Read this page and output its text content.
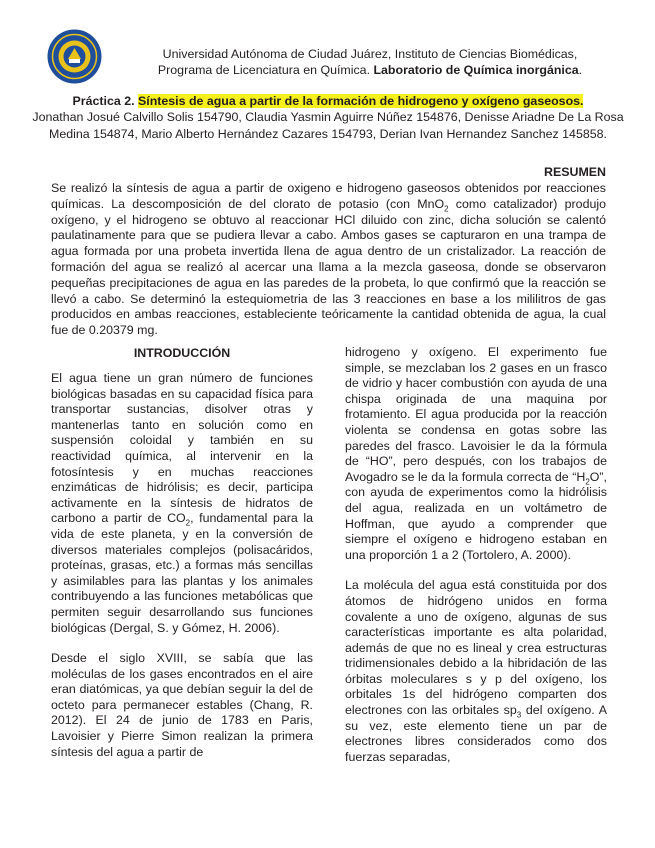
Universidad Autónoma de Ciudad Juárez, Instituto de Ciencias Biomédicas,
Programa de Licenciatura en Química. Laboratorio de Química inorgánica.
Práctica 2. Síntesis de agua a partir de la formación de hidrogeno y oxígeno gaseosos.
Jonathan Josué Calvillo Solis 154790, Claudia Yasmin Aguirre Núñez 154876, Denisse Ariadne De La Rosa Medina 154874, Mario Alberto Hernández Cazares 154793, Derian Ivan Hernandez Sanchez 145858.
RESUMEN
Se realizó la síntesis de agua a partir de oxigeno e hidrogeno gaseosos obtenidos por reacciones químicas. La descomposición de del clorato de potasio (con MnO$_2$ como catalizador) produjo oxígeno, y el hidrogeno se obtuvo al reaccionar HCl diluido con zinc, dicha solución se calentó paulatinamente para que se pudiera llevar a cabo. Ambos gases se capturaron en una trampa de agua formada por una probeta invertida llena de agua dentro de un cristalizador. La reacción de formación del agua se realizó al acercar una llama a la mezcla gaseosa, donde se observaron pequeñas precipitaciones de agua en las paredes de la probeta, lo que confirmó que la reacción se llevó a cabo. Se determinó la estequiometria de las 3 reacciones en base a los mililitros de gas producidos en ambas reacciones, estableciente teóricamente la cantidad obtenida de agua, la cual fue de 0.20379 mg.
INTRODUCCIÓN

El agua tiene un gran número de funciones biológicas basadas en su capacidad física para transportar sustancias, disolver otras y mantenerlas tanto en solución como en suspensión coloidal y también en su reactividad química, al intervenir en la fotosíntesis y en muchas reacciones enzimáticas de hidrólisis; es decir, participa activamente en la síntesis de hidratos de carbono a partir de $CO_2$, fundamental para la vida de este planeta, y en la conversión de diversos materiales complejos (polisacáridos, proteínas, grasas, etc.) a formas más sencillas y asimilables para las plantas y los animales contribuyendo a las funciones metabólicas que permiten seguir desarrollando sus funciones biológicas (Dergal, S. y Gómez, H. 2006).

Desde el siglo XVIII, se sabía que las moléculas de los gases encontrados en el aire eran diatómicas, ya que debían seguir la del de octeto para permanecer estables (Chang, R. 2012). El 24 de junio de 1783 en Paris, Lavoisier y Pierre Simon realizan la primera síntesis del agua a partir de

hidrogeno y oxígeno. El experimento fue simple, se mezclaban los 2 gases en un frasco de vidrio y hacer combustión con ayuda de una chispa originada de una maquina por frotamiento. El agua producida por la reacción violenta se condensa en gotas sobre las paredes del frasco. Lavoisier le da la fórmula de “HO”, pero después, con los trabajos de Avogadro se le da la formula correcta de “$H_2O$”, con ayuda de experimentos como la hidrólisis del agua, realizada en un voltámetro de Hoffman, que ayudo a comprender que siempre el oxígeno e hidrogeno estaban en una proporción 1 a 2 (Tortolero, A. 2000).

La molécula del agua está constituida por dos átomos de hidrógeno unidos en forma covalente a uno de oxígeno, algunas de sus características importante es alta polaridad, además de que no es lineal y crea estructuras tridimensionales debido a la hibridación de las órbitas moleculares s y p del oxígeno, los orbitales 1s del hidrógeno comparten dos electrones con las orbitales $sp_3$ del oxígeno. A su vez, este elemento tiene un par de electrones libres considerados como dos fuerzas separadas,
